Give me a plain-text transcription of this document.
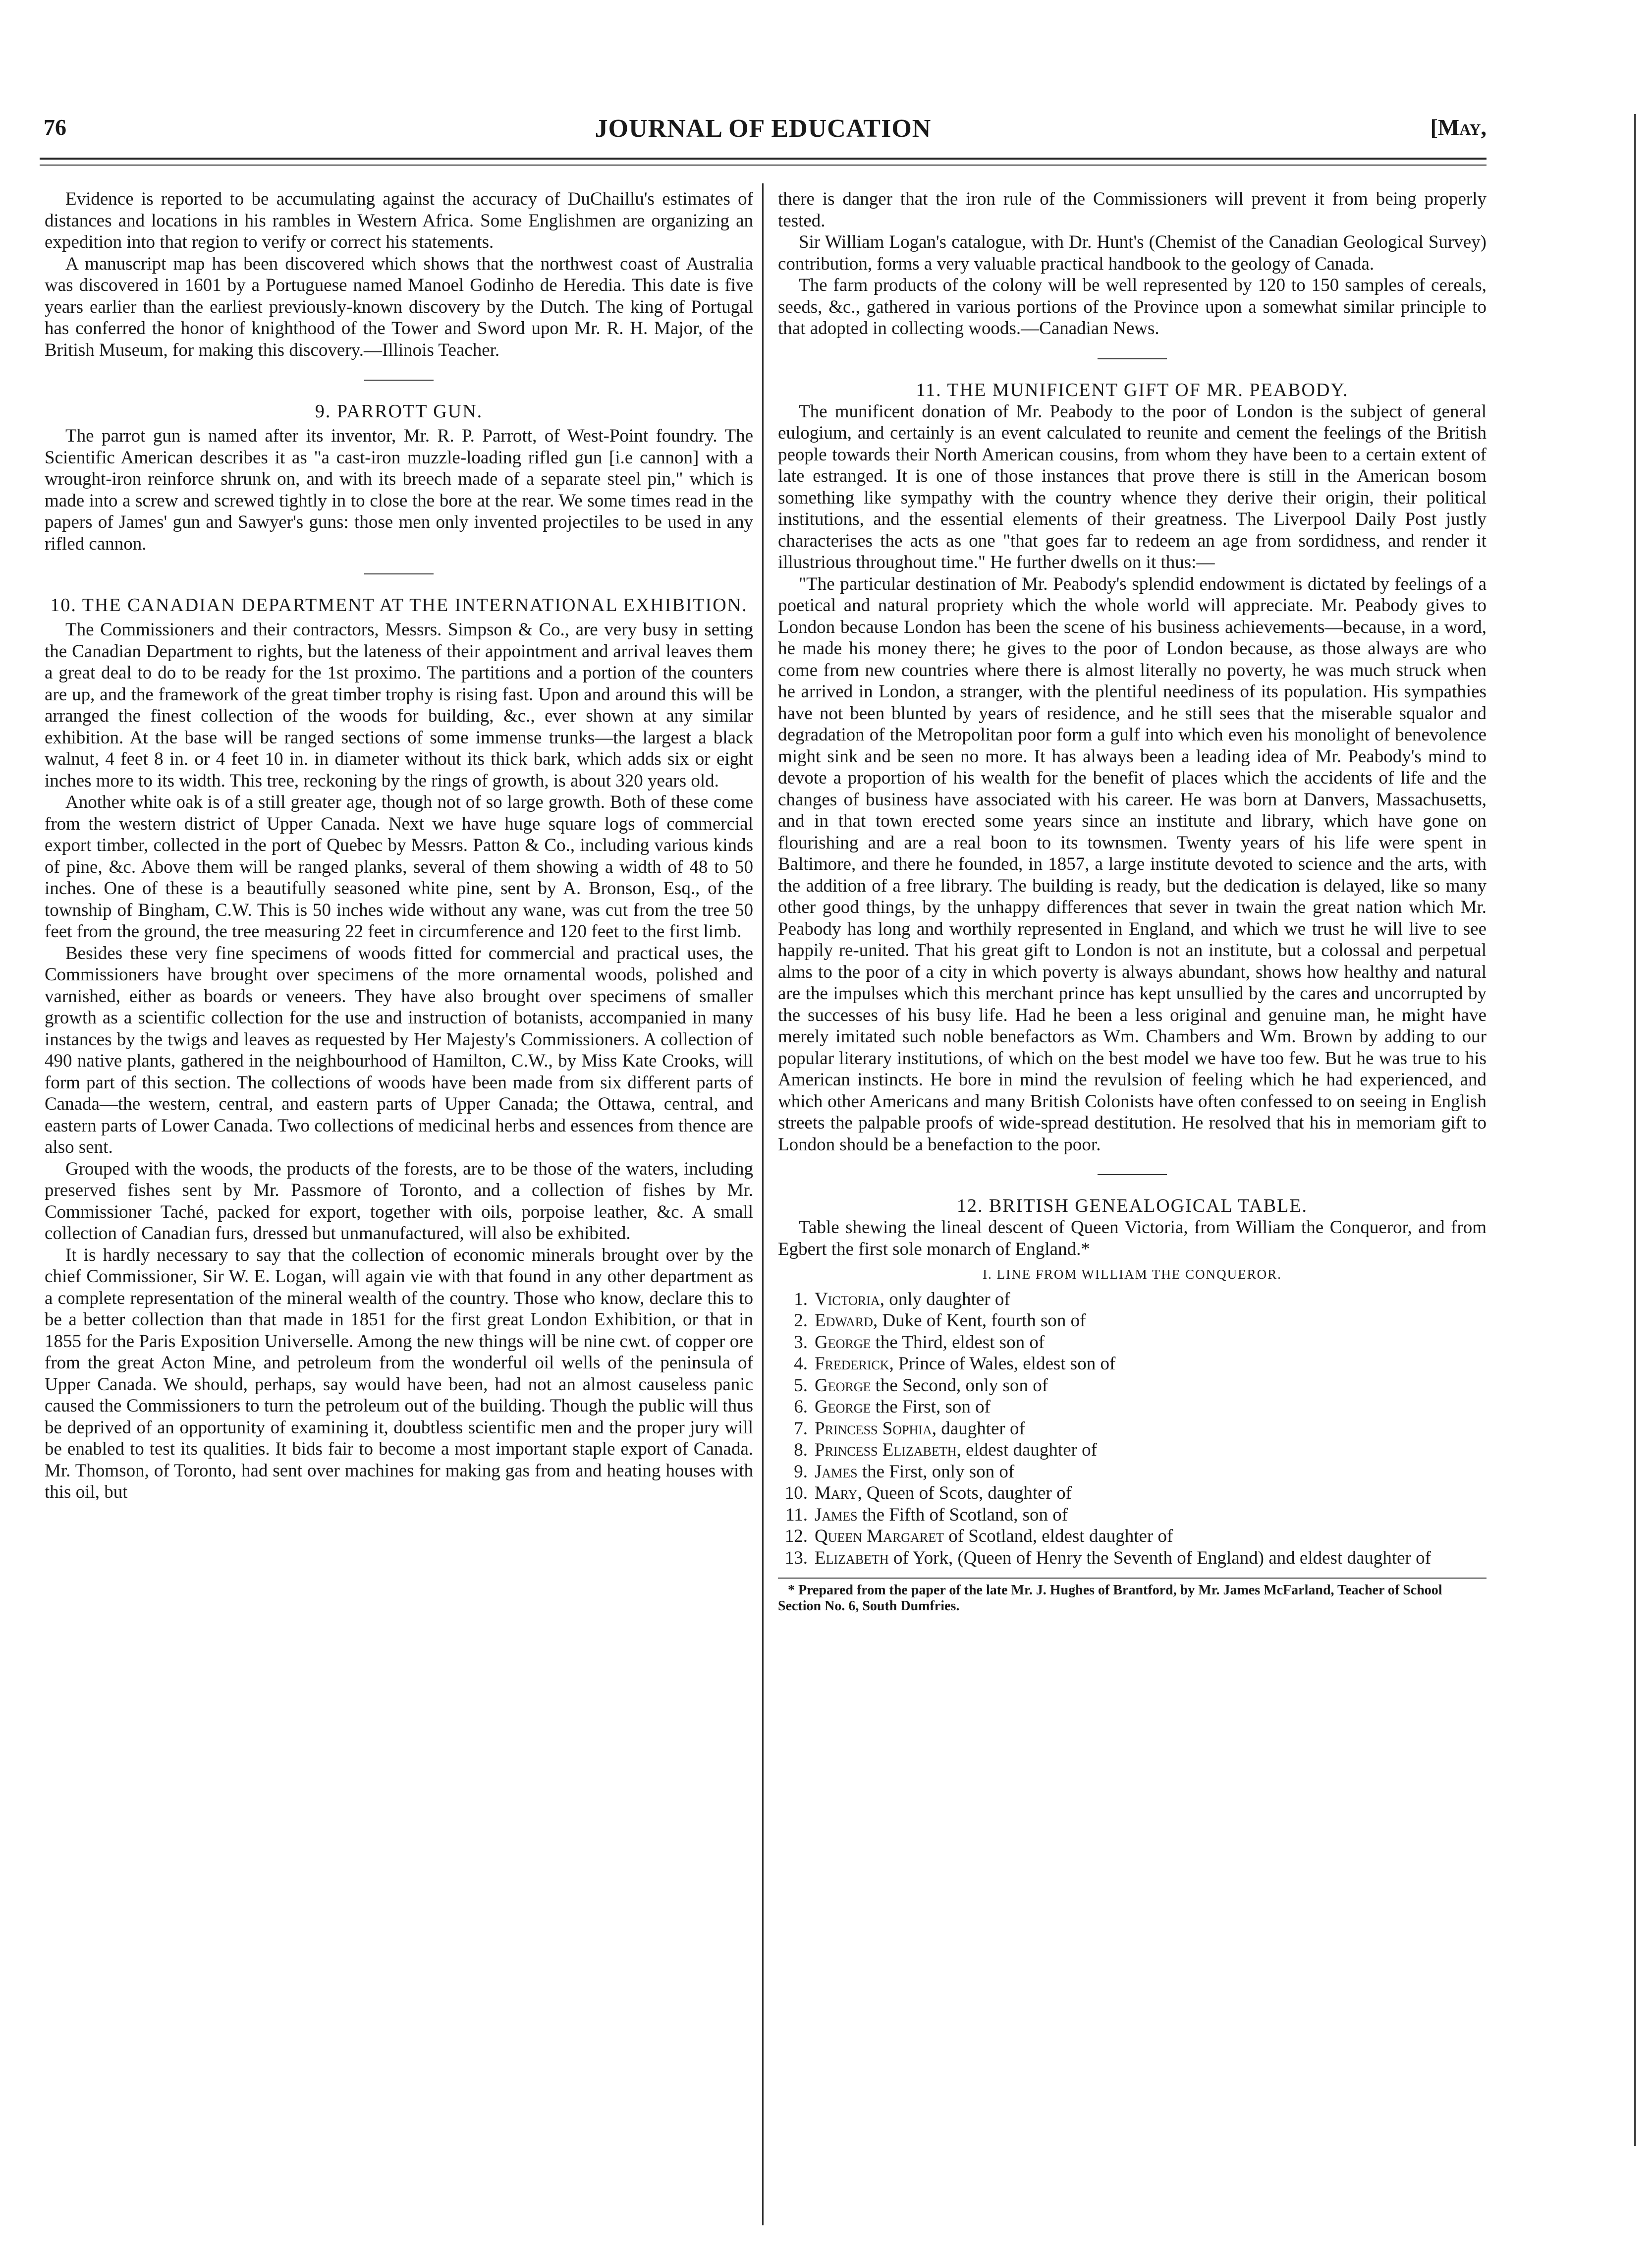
76	JOURNAL OF EDUCATION	[May,

Evidence is reported to be accumulating against the accuracy of DuChaillu's estimates of distances and locations in his rambles in Western Africa. Some Englishmen are organizing an expedition into that region to verify or correct his statements.

A manuscript map has been discovered which shows that the northwest coast of Australia was discovered in 1601 by a Portuguese named Manoel Godinho de Heredia. This date is five years earlier than the earliest previously-known discovery by the Dutch. The king of Portugal has conferred the honor of knighthood of the Tower and Sword upon Mr. R. H. Major, of the British Museum, for making this discovery.—Illinois Teacher.

9. PARROTT GUN.

The parrot gun is named after its inventor, Mr. R. P. Parrott, of West-Point foundry. The Scientific American describes it as "a cast-iron muzzle-loading rifled gun [i.e cannon] with a wrought-iron reinforce shrunk on, and with its breech made of a separate steel pin," which is made into a screw and screwed tightly in to close the bore at the rear. We some times read in the papers of James' gun and Sawyer's guns: those men only invented projectiles to be used in any rifled cannon.

10. THE CANADIAN DEPARTMENT AT THE INTERNATIONAL EXHIBITION.

The Commissioners and their contractors, Messrs. Simpson & Co., are very busy in setting the Canadian Department to rights, but the lateness of their appointment and arrival leaves them a great deal to do to be ready for the 1st proximo. The partitions and a portion of the counters are up, and the framework of the great timber trophy is rising fast. Upon and around this will be arranged the finest collection of the woods for building, &c., ever shown at any similar exhibition. At the base will be ranged sections of some immense trunks—the largest a black walnut, 4 feet 8 in. or 4 feet 10 in. in diameter without its thick bark, which adds six or eight inches more to its width. This tree, reckoning by the rings of growth, is about 320 years old.

Another white oak is of a still greater age, though not of so large growth. Both of these come from the western district of Upper Canada. Next we have huge square logs of commercial export timber, collected in the port of Quebec by Messrs. Patton & Co., including various kinds of pine, &c. Above them will be ranged planks, several of them showing a width of 48 to 50 inches. One of these is a beautifully seasoned white pine, sent by A. Bronson, Esq., of the township of Bingham, C.W. This is 50 inches wide without any wane, was cut from the tree 50 feet from the ground, the tree measuring 22 feet in circumference and 120 feet to the first limb.

Besides these very fine specimens of woods fitted for commercial and practical uses, the Commissioners have brought over specimens of the more ornamental woods, polished and varnished, either as boards or veneers. They have also brought over specimens of smaller growth as a scientific collection for the use and instruction of botanists, accompanied in many instances by the twigs and leaves as requested by Her Majesty's Commissioners. A collection of 490 native plants, gathered in the neighbourhood of Hamilton, C.W., by Miss Kate Crooks, will form part of this section. The collections of woods have been made from six different parts of Canada—the western, central, and eastern parts of Upper Canada; the Ottawa, central, and eastern parts of Lower Canada. Two collections of medicinal herbs and essences from thence are also sent.

Grouped with the woods, the products of the forests, are to be those of the waters, including preserved fishes sent by Mr. Passmore of Toronto, and a collection of fishes by Mr. Commissioner Taché, packed for export, together with oils, porpoise leather, &c. A small collection of Canadian furs, dressed but unmanufactured, will also be exhibited.

It is hardly necessary to say that the collection of economic minerals brought over by the chief Commissioner, Sir W. E. Logan, will again vie with that found in any other department as a complete representation of the mineral wealth of the country. Those who know, declare this to be a better collection than that made in 1851 for the first great London Exhibition, or that in 1855 for the Paris Exposition Universelle. Among the new things will be nine cwt. of copper ore from the great Acton Mine, and petroleum from the wonderful oil wells of the peninsula of Upper Canada. We should, perhaps, say would have been, had not an almost causeless panic caused the Commissioners to turn the petroleum out of the building. Though the public will thus be deprived of an opportunity of examining it, doubtless scientific men and the proper jury will be enabled to test its qualities. It bids fair to become a most important staple export of Canada. Mr. Thomson, of Toronto, had sent over machines for making gas from and heating houses with this oil, but

there is danger that the iron rule of the Commissioners will prevent it from being properly tested.

Sir William Logan's catalogue, with Dr. Hunt's (Chemist of the Canadian Geological Survey) contribution, forms a very valuable practical handbook to the geology of Canada.

The farm products of the colony will be well represented by 120 to 150 samples of cereals, seeds, &c., gathered in various portions of the Province upon a somewhat similar principle to that adopted in collecting woods.—Canadian News.

11. THE MUNIFICENT GIFT OF MR. PEABODY.

The munificent donation of Mr. Peabody to the poor of London is the subject of general eulogium, and certainly is an event calculated to reunite and cement the feelings of the British people towards their North American cousins, from whom they have been to a certain extent of late estranged. It is one of those instances that prove there is still in the American bosom something like sympathy with the country whence they derive their origin, their political institutions, and the essential elements of their greatness. The Liverpool Daily Post justly characterises the acts as one "that goes far to redeem an age from sordidness, and render it illustrious throughout time." He further dwells on it thus:—

"The particular destination of Mr. Peabody's splendid endowment is dictated by feelings of a poetical and natural propriety which the whole world will appreciate. Mr. Peabody gives to London because London has been the scene of his business achievements—because, in a word, he made his money there; he gives to the poor of London because, as those always are who come from new countries where there is almost literally no poverty, he was much struck when he arrived in London, a stranger, with the plentiful neediness of its population. His sympathies have not been blunted by years of residence, and he still sees that the miserable squalor and degradation of the Metropolitan poor form a gulf into which even his monolight of benevolence might sink and be seen no more. It has always been a leading idea of Mr. Peabody's mind to devote a proportion of his wealth for the benefit of places which the accidents of life and the changes of business have associated with his career. He was born at Danvers, Massachusetts, and in that town erected some years since an institute and library, which have gone on flourishing and are a real boon to its townsmen. Twenty years of his life were spent in Baltimore, and there he founded, in 1857, a large institute devoted to science and the arts, with the addition of a free library. The building is ready, but the dedication is delayed, like so many other good things, by the unhappy differences that sever in twain the great nation which Mr. Peabody has long and worthily represented in England, and which we trust he will live to see happily re-united. That his great gift to London is not an institute, but a colossal and perpetual alms to the poor of a city in which poverty is always abundant, shows how healthy and natural are the impulses which this merchant prince has kept unsullied by the cares and uncorrupted by the successes of his busy life. Had he been a less original and genuine man, he might have merely imitated such noble benefactors as Wm. Chambers and Wm. Brown by adding to our popular literary institutions, of which on the best model we have too few. But he was true to his American instincts. He bore in mind the revulsion of feeling which he had experienced, and which other Americans and many British Colonists have often confessed to on seeing in English streets the palpable proofs of wide-spread destitution. He resolved that his in memoriam gift to London should be a benefaction to the poor.

12. BRITISH GENEALOGICAL TABLE.

Table shewing the lineal descent of Queen Victoria, from William the Conqueror, and from Egbert the first sole monarch of England.*

I. LINE FROM WILLIAM THE CONQUEROR.
1. Victoria, only daughter of
2. Edward, Duke of Kent, fourth son of
3. George the Third, eldest son of
4. Frederick, Prince of Wales, eldest son of
5. George the Second, only son of
6. George the First, son of
7. Princess Sophia, daughter of
8. Princess Elizabeth, eldest daughter of
9. James the First, only son of
10. Mary, Queen of Scots, daughter of
11. James the Fifth of Scotland, son of
12. Queen Margaret of Scotland, eldest daughter of
13. Elizabeth of York, (Queen of Henry the Seventh of England) and eldest daughter of
* Prepared from the paper of the late Mr. J. Hughes of Brantford, by Mr. James McFarland, Teacher of School Section No. 6, South Dumfries.
